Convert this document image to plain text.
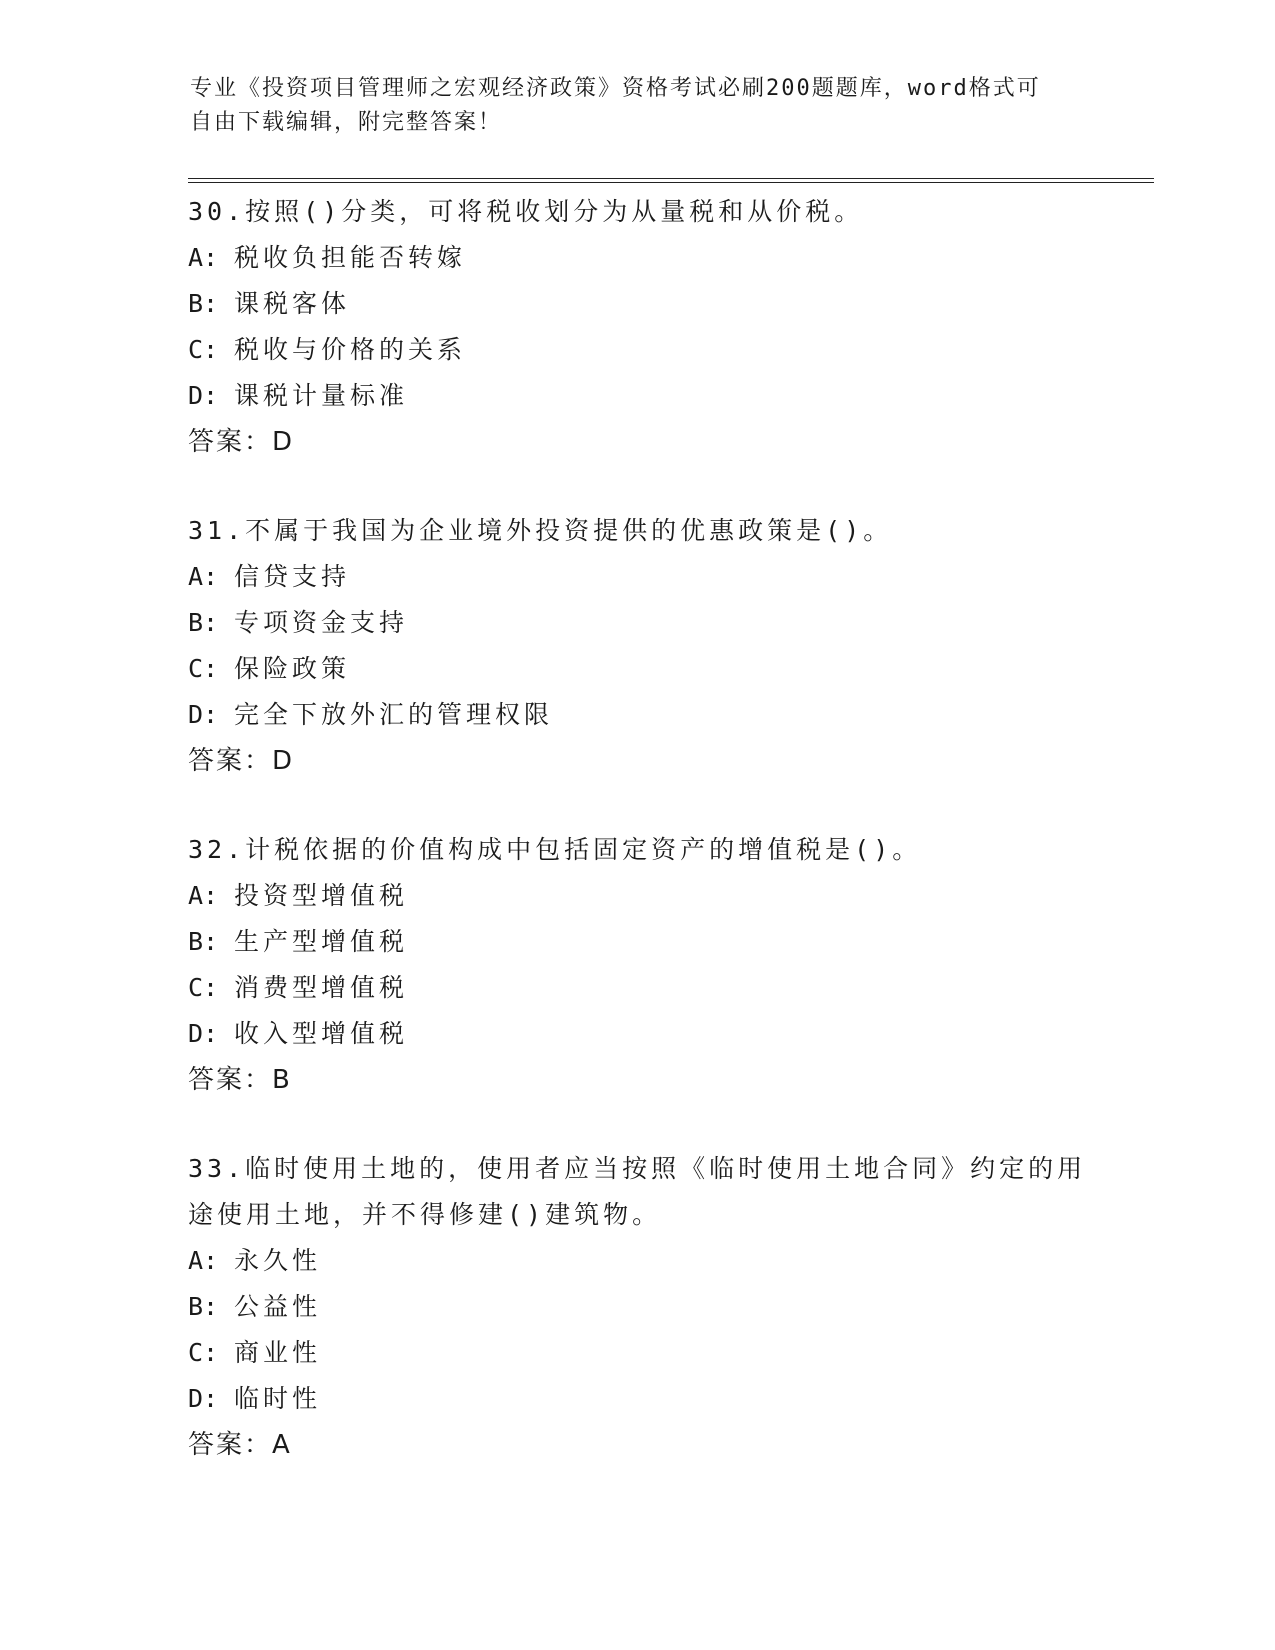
专业《投资项目管理师之宏观经济政策》资格考试必刷200题题库，word格式可
自由下载编辑，附完整答案！
30.按照()分类，可将税收划分为从量税和从价税。
A: 税收负担能否转嫁
B: 课税客体
C: 税收与价格的关系
D: 课税计量标准
答案：D
31.不属于我国为企业境外投资提供的优惠政策是()。
A: 信贷支持
B: 专项资金支持
C: 保险政策
D: 完全下放外汇的管理权限
答案：D
32.计税依据的价值构成中包括固定资产的增值税是()。
A: 投资型增值税
B: 生产型增值税
C: 消费型增值税
D: 收入型增值税
答案：B
33.临时使用土地的，使用者应当按照《临时使用土地合同》约定的用途使用土地，并不得修建()建筑物。
A: 永久性
B: 公益性
C: 商业性
D: 临时性
答案：A
